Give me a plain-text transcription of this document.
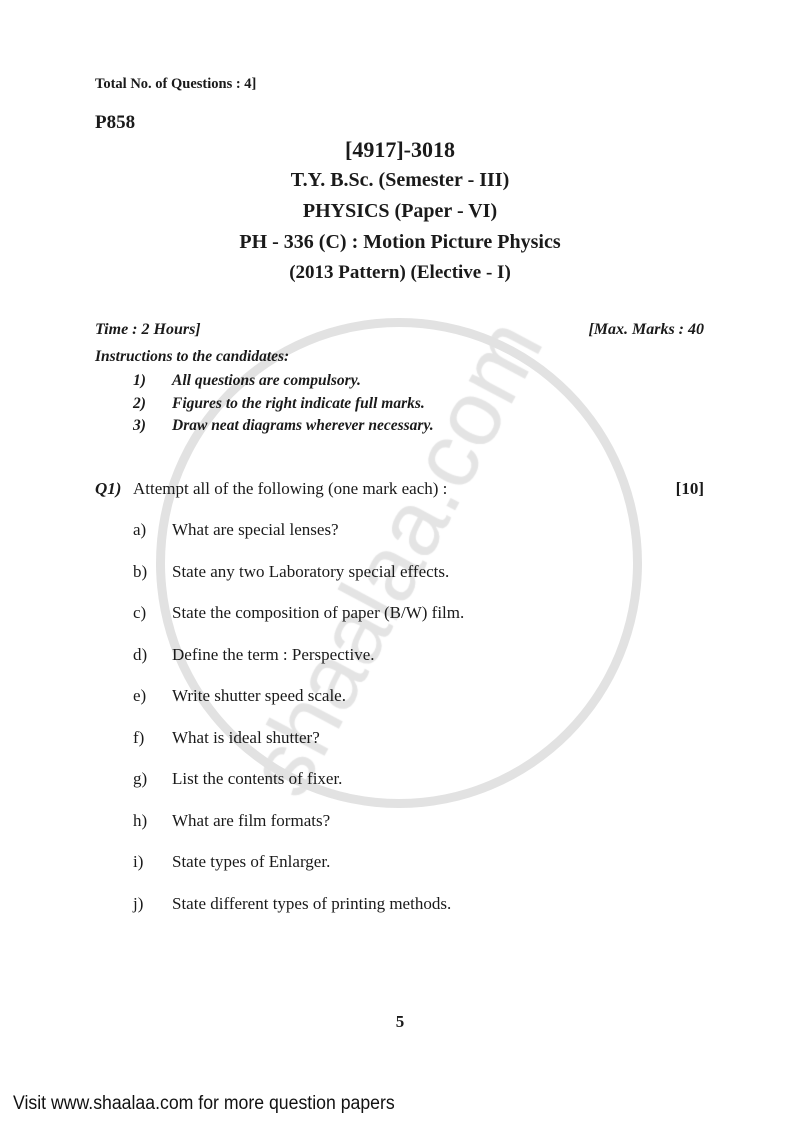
Total No. of Questions : 4]
P858
[4917]-3018
T.Y. B.Sc. (Semester - III)
PHYSICS (Paper - VI)
PH - 336 (C) : Motion Picture Physics
(2013 Pattern) (Elective - I)
Time : 2 Hours]	[Max. Marks : 40
Instructions to the candidates:
1) All questions are compulsory.
2) Figures to the right indicate full marks.
3) Draw neat diagrams wherever necessary.
Q1) Attempt all of the following (one mark each) :	[10]
a) What are special lenses?
b) State any two Laboratory special effects.
c) State the composition of paper (B/W) film.
d) Define the term : Perspective.
e) Write shutter speed scale.
f) What is ideal shutter?
g) List the contents of fixer.
h) What are film formats?
i) State types of Enlarger.
j) State different types of printing methods.
5
Visit www.shaalaa.com for more question papers
